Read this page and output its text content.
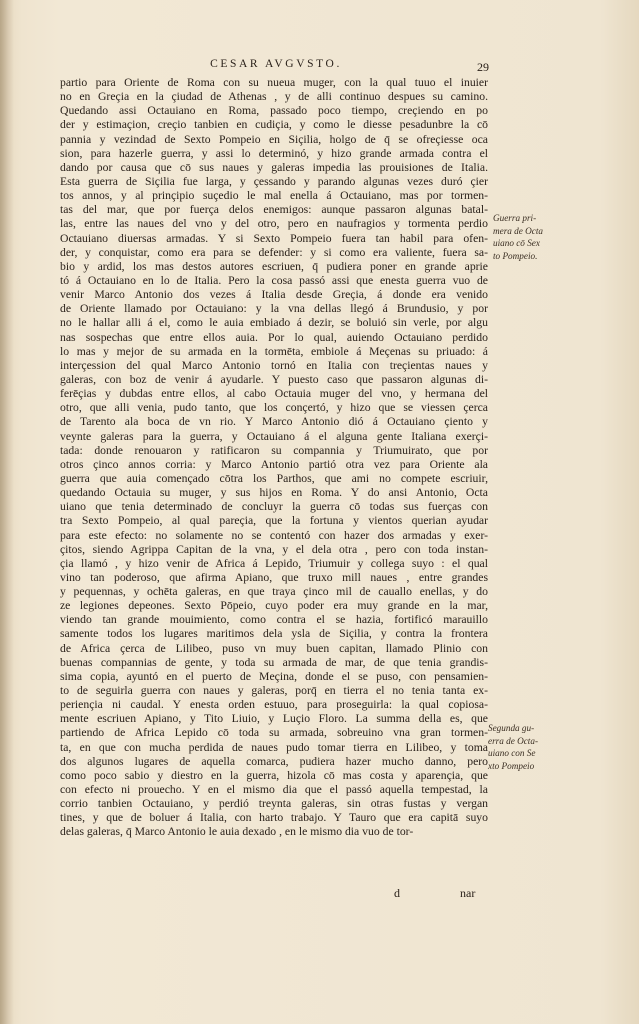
CESAR AVGVSTO.	29
partio para Oriente de Roma con su nueua muger, con la qual tuuo el inuier
no en Greçia en la çiudad de Athenas , y de alli continuo despues su camino.
Quedando assi Octauiano en Roma, passado poco tiempo, creçiendo en po
der y estimaçion, creçio tanbien en cudiçia, y como le diesse pesadunbre la cō
pannia y vezindad de Sexto Pompeio en Siçilia, holgo de q̄ se ofreçiesse oca
sion, para hazerle guerra, y assi lo determinó, y hizo grande armada contra el
dando por causa que cō sus naues y galeras impedia las prouisiones de Italia.
Esta guerra de Siçilia fue larga, y çessando y parando algunas vezes duró çier
tos annos, y al prinçipio suçedio le mal enella á Octauiano, mas por tormen-
tas del mar, que por fuerça delos enemigos: aunque passaron algunas batal-
las, entre las naues del vno y del otro, pero en naufragios y tormenta perdio
Octauiano diuersas armadas. Y si Sexto Pompeio fuera tan habil para ofen-
der, y conquistar, como era para se defender: y si como era valiente, fuera sa-
bio y ardid, los mas destos autores escriuen, q̄ pudiera poner en grande aprie
tó á Octauiano en lo de Italia. Pero la cosa passó assi que enesta guerra vuo de
venir Marco Antonio dos vezes á Italia desde Greçia, á donde era venido
de Oriente llamado por Octauiano: y la vna dellas llegó á Brundusio, y por
no le hallar alli á el, como le auia embiado á dezir, se boluió sin verle, por algu
nas sospechas que entre ellos auia. Por lo qual, auiendo Octauiano perdido
lo mas y mejor de su armada en la tormēta, embiole á Meçenas su priuado: á
interçession del qual Marco Antonio tornó en Italia con treçientas naues y
galeras, con boz de venir á ayudarle. Y puesto caso que passaron algunas di-
ferēçias y dubdas entre ellos, al cabo Octauia muger del vno, y hermana del
otro, que alli venia, pudo tanto, que los conçertó, y hizo que se viessen çerca
de Tarento ala boca de vn rio. Y Marco Antonio dió á Octauiano çiento y
veynte galeras para la guerra, y Octauiano á el alguna gente Italiana exerçi-
tada: donde renouaron y ratificaron su compannia y Triumuirato, que por
otros çinco annos corria: y Marco Antonio partió otra vez para Oriente ala
guerra que auia començado cōtra los Parthos, que ami no compete escriuir,
quedando Octauia su muger, y sus hijos en Roma. Y do ansi Antonio, Octa
uiano que tenia determinado de concluyr la guerra cō todas sus fuerças con
tra Sexto Pompeio, al qual pareçia, que la fortuna y vientos querian ayudar
para este efecto: no solamente no se contentó con hazer dos armadas y exer-
çitos, siendo Agrippa Capitan de la vna, y el dela otra , pero con toda instan-
çia llamó , y hizo venir de Africa á Lepido, Triumuir y collega suyo : el qual
vino tan poderoso, que afirma Apiano, que truxo mill naues , entre grandes
y pequennas, y ochēta galeras, en que traya çinco mil de cauallo enellas, y do
ze legiones depeones. Sexto Pōpeio, cuyo poder era muy grande en la mar,
viendo tan grande mouimiento, como contra el se hazia, fortificó marauillo
samente todos los lugares maritimos dela ysla de Siçilia, y contra la frontera
de Africa çerca de Lilibeo, puso vn muy buen capitan, llamado Plinio con
buenas compannias de gente, y toda su armada de mar, de que tenia grandis-
sima copia, ayuntó en el puerto de Meçina, donde el se puso, con pensamien-
to de seguirla guerra con naues y galeras, porq̄ en tierra el no tenia tanta ex-
periençia ni caudal. Y enesta orden estuuo, para proseguirla: la qual copiosa-
mente escriuen Apiano, y Tito Liuio, y Luçio Floro. La summa della es, que
partiendo de Africa Lepido cō toda su armada, sobreuino vna gran tormen-
ta, en que con mucha perdida de naues pudo tomar tierra en Lilibeo, y toma
dos algunos lugares de aquella comarca, pudiera hazer mucho danno, pero
como poco sabio y diestro en la guerra, hizola cō mas costa y aparençia, que
con efecto ni prouecho. Y en el mismo dia que el passó aquella tempestad, la
corrio tanbien Octauiano, y perdió treynta galeras, sin otras fustas y vergan
tines, y que de boluer á Italia, con harto trabajo. Y Tauro que era capitā suyo
delas galeras, q̄ Marco Antonio le auia dexado , en le mismo dia vuo de tor-
Guerra pri-
mera de Octa
uiano cō Sex
to Pompeio.
Segunda gu-
erra de Octa-
uiano con Se
xto Pompeio
d	nar
